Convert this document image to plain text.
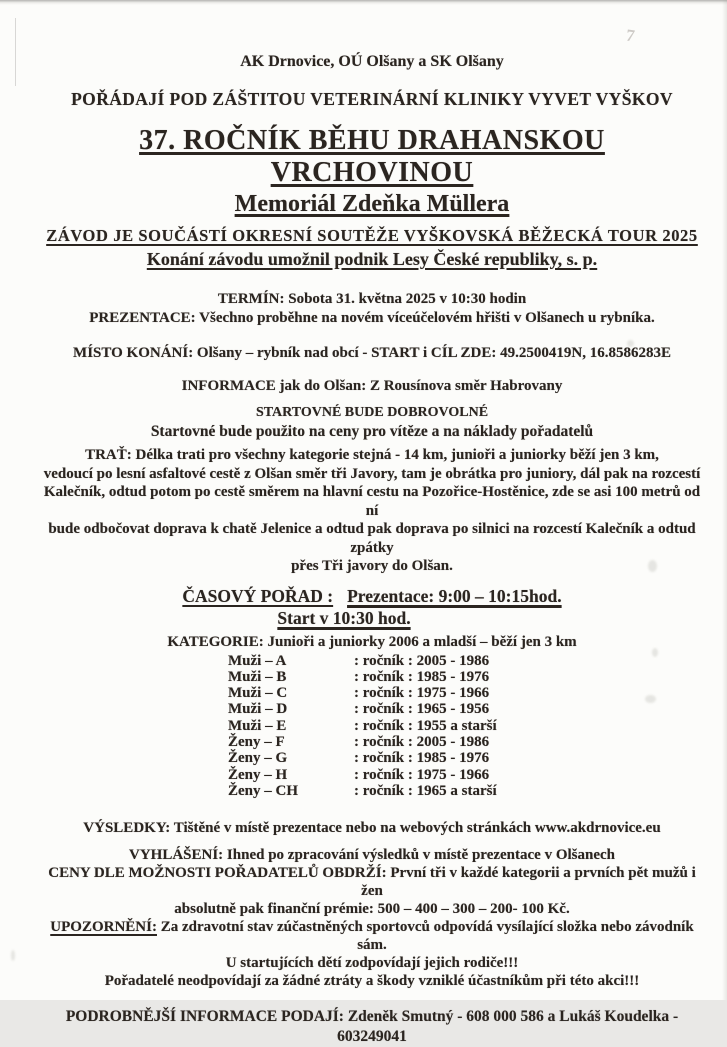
7
AK Drnovice, OÚ Olšany a SK Olšany
POŘÁDAJÍ POD ZÁŠTITOU VETERINÁRNÍ KLINIKY VYVET VYŠKOV
37. ROČNÍK BĚHU DRAHANSKOU VRCHOVINOU
Memoriál Zdeňka Müllera
ZÁVOD JE SOUČÁSTÍ OKRESNÍ SOUTĚŽE VYŠKOVSKÁ BĚŽECKÁ TOUR 2025
Konání závodu umožnil podnik Lesy České republiky, s. p.
TERMÍN: Sobota 31. května 2025 v 10:30 hodin
PREZENTACE: Všechno proběhne na novém víceúčelovém hřišti v Olšanech u rybníka.
MÍSTO KONÁNÍ: Olšany – rybník nad obcí - START i CÍL ZDE: 49.2500419N, 16.8586283E
INFORMACE jak do Olšan: Z Rousínova směr Habrovany
STARTOVNÉ BUDE DOBROVOLNÉ
Startovné bude použito na ceny pro vítěze a na náklady pořadatelů
TRAŤ: Délka trati pro všechny kategorie stejná - 14 km, junioři a juniorky běží jen 3 km,
vedoucí po lesní asfaltové cestě z Olšan směr tři Javory, tam je obrátka pro juniory, dál pak na rozcestí
Kalečník, odtud potom po cestě směrem na hlavní cestu na Pozořice-Hostěnice, zde se asi 100 metrů od ní
bude odbočovat doprava k chatě Jelenice a odtud pak doprava po silnici na rozcestí Kalečník a odtud zpátky
přes Tři javory do Olšan.
ČASOVÝ POŘAD : Prezentace: 9:00 – 10:15hod.
Start v 10:30 hod.
KATEGORIE: Junioři a juniorky 2006 a mladší – běží jen 3 km
Muži – A	: ročník : 2005 - 1986
Muži – B	: ročník : 1985 - 1976
Muži – C	: ročník : 1975 - 1966
Muži – D	: ročník : 1965 - 1956
Muži – E	: ročník : 1955 a starší
Ženy – F	: ročník : 2005 - 1986
Ženy – G	: ročník : 1985 - 1976
Ženy – H	: ročník : 1975 - 1966
Ženy – CH	: ročník : 1965 a starší
VÝSLEDKY: Tištěné v místě prezentace nebo na webových stránkách www.akdrnovice.eu
VYHLÁŠENÍ: Ihned po zpracování výsledků v místě prezentace v Olšanech
CENY DLE MOŽNOSTI POŘADATELŮ OBDRŽÍ: První tři v každé kategorii a prvních pět mužů i žen
absolutně pak finanční prémie: 500 – 400 – 300 – 200- 100 Kč.
UPOZORNĚNÍ: Za zdravotní stav zúčastněných sportovců odpovídá vysílající složka nebo závodník sám.
U startujících dětí zodpovídají jejich rodiče!!!
Pořadatelé neodpovídají za žádné ztráty a škody vzniklé účastníkům při této akci!!!
PODROBNĚJŠÍ INFORMACE PODAJÍ: Zdeněk Smutný - 608 000 586 a Lukáš Koudelka - 603249041
